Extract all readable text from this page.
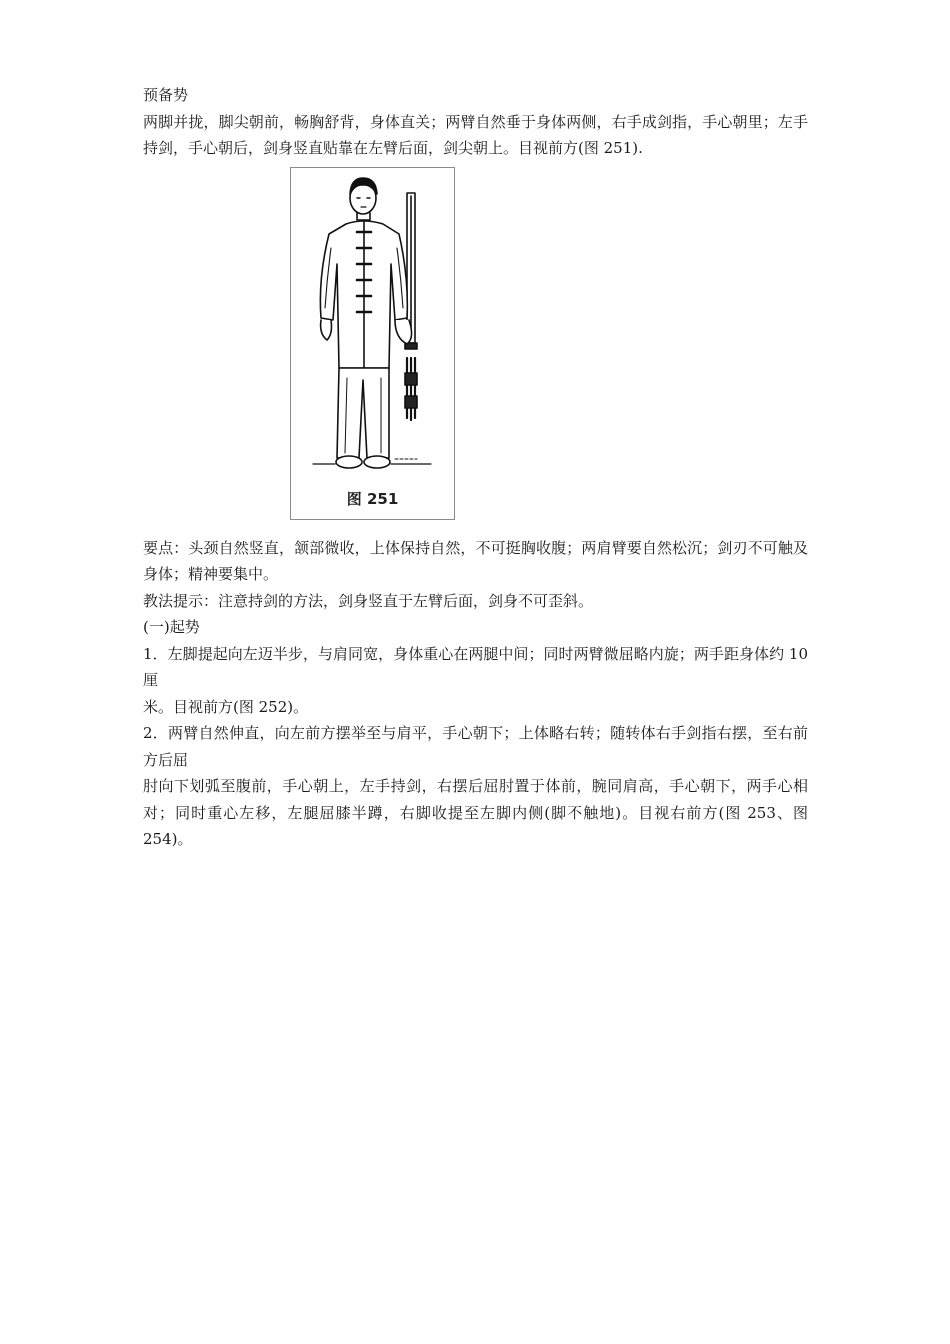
预备势

两脚并拢，脚尖朝前，畅胸舒背，身体直关；两臂自然垂于身体两侧，右手成剑指，手心朝里；左手持剑，手心朝后，剑身竖直贴靠在左臂后面，剑尖朝上。目视前方(图 251).

图 251

要点：头颈自然竖直，颔部微收，上体保持自然，不可挺胸收腹；两肩臂要自然松沉；剑刃不可触及身体；精神要集中。

教法提示：注意持剑的方法，剑身竖直于左臂后面，剑身不可歪斜。

(一)起势

1．左脚提起向左迈半步，与肩同宽，身体重心在两腿中间；同时两臂微屈略内旋；两手距身体约 10 厘

米。目视前方(图 252)。

2．两臂自然伸直，向左前方摆举至与肩平，手心朝下；上体略右转；随转体右手剑指右摆，至右前方后屈

肘向下划弧至腹前，手心朝上，左手持剑，右摆后屈肘置于体前，腕同肩高，手心朝下，两手心相对；同时重心左移，左腿屈膝半蹲，右脚收提至左脚内侧(脚不触地)。目视右前方(图 253、图 254)。
